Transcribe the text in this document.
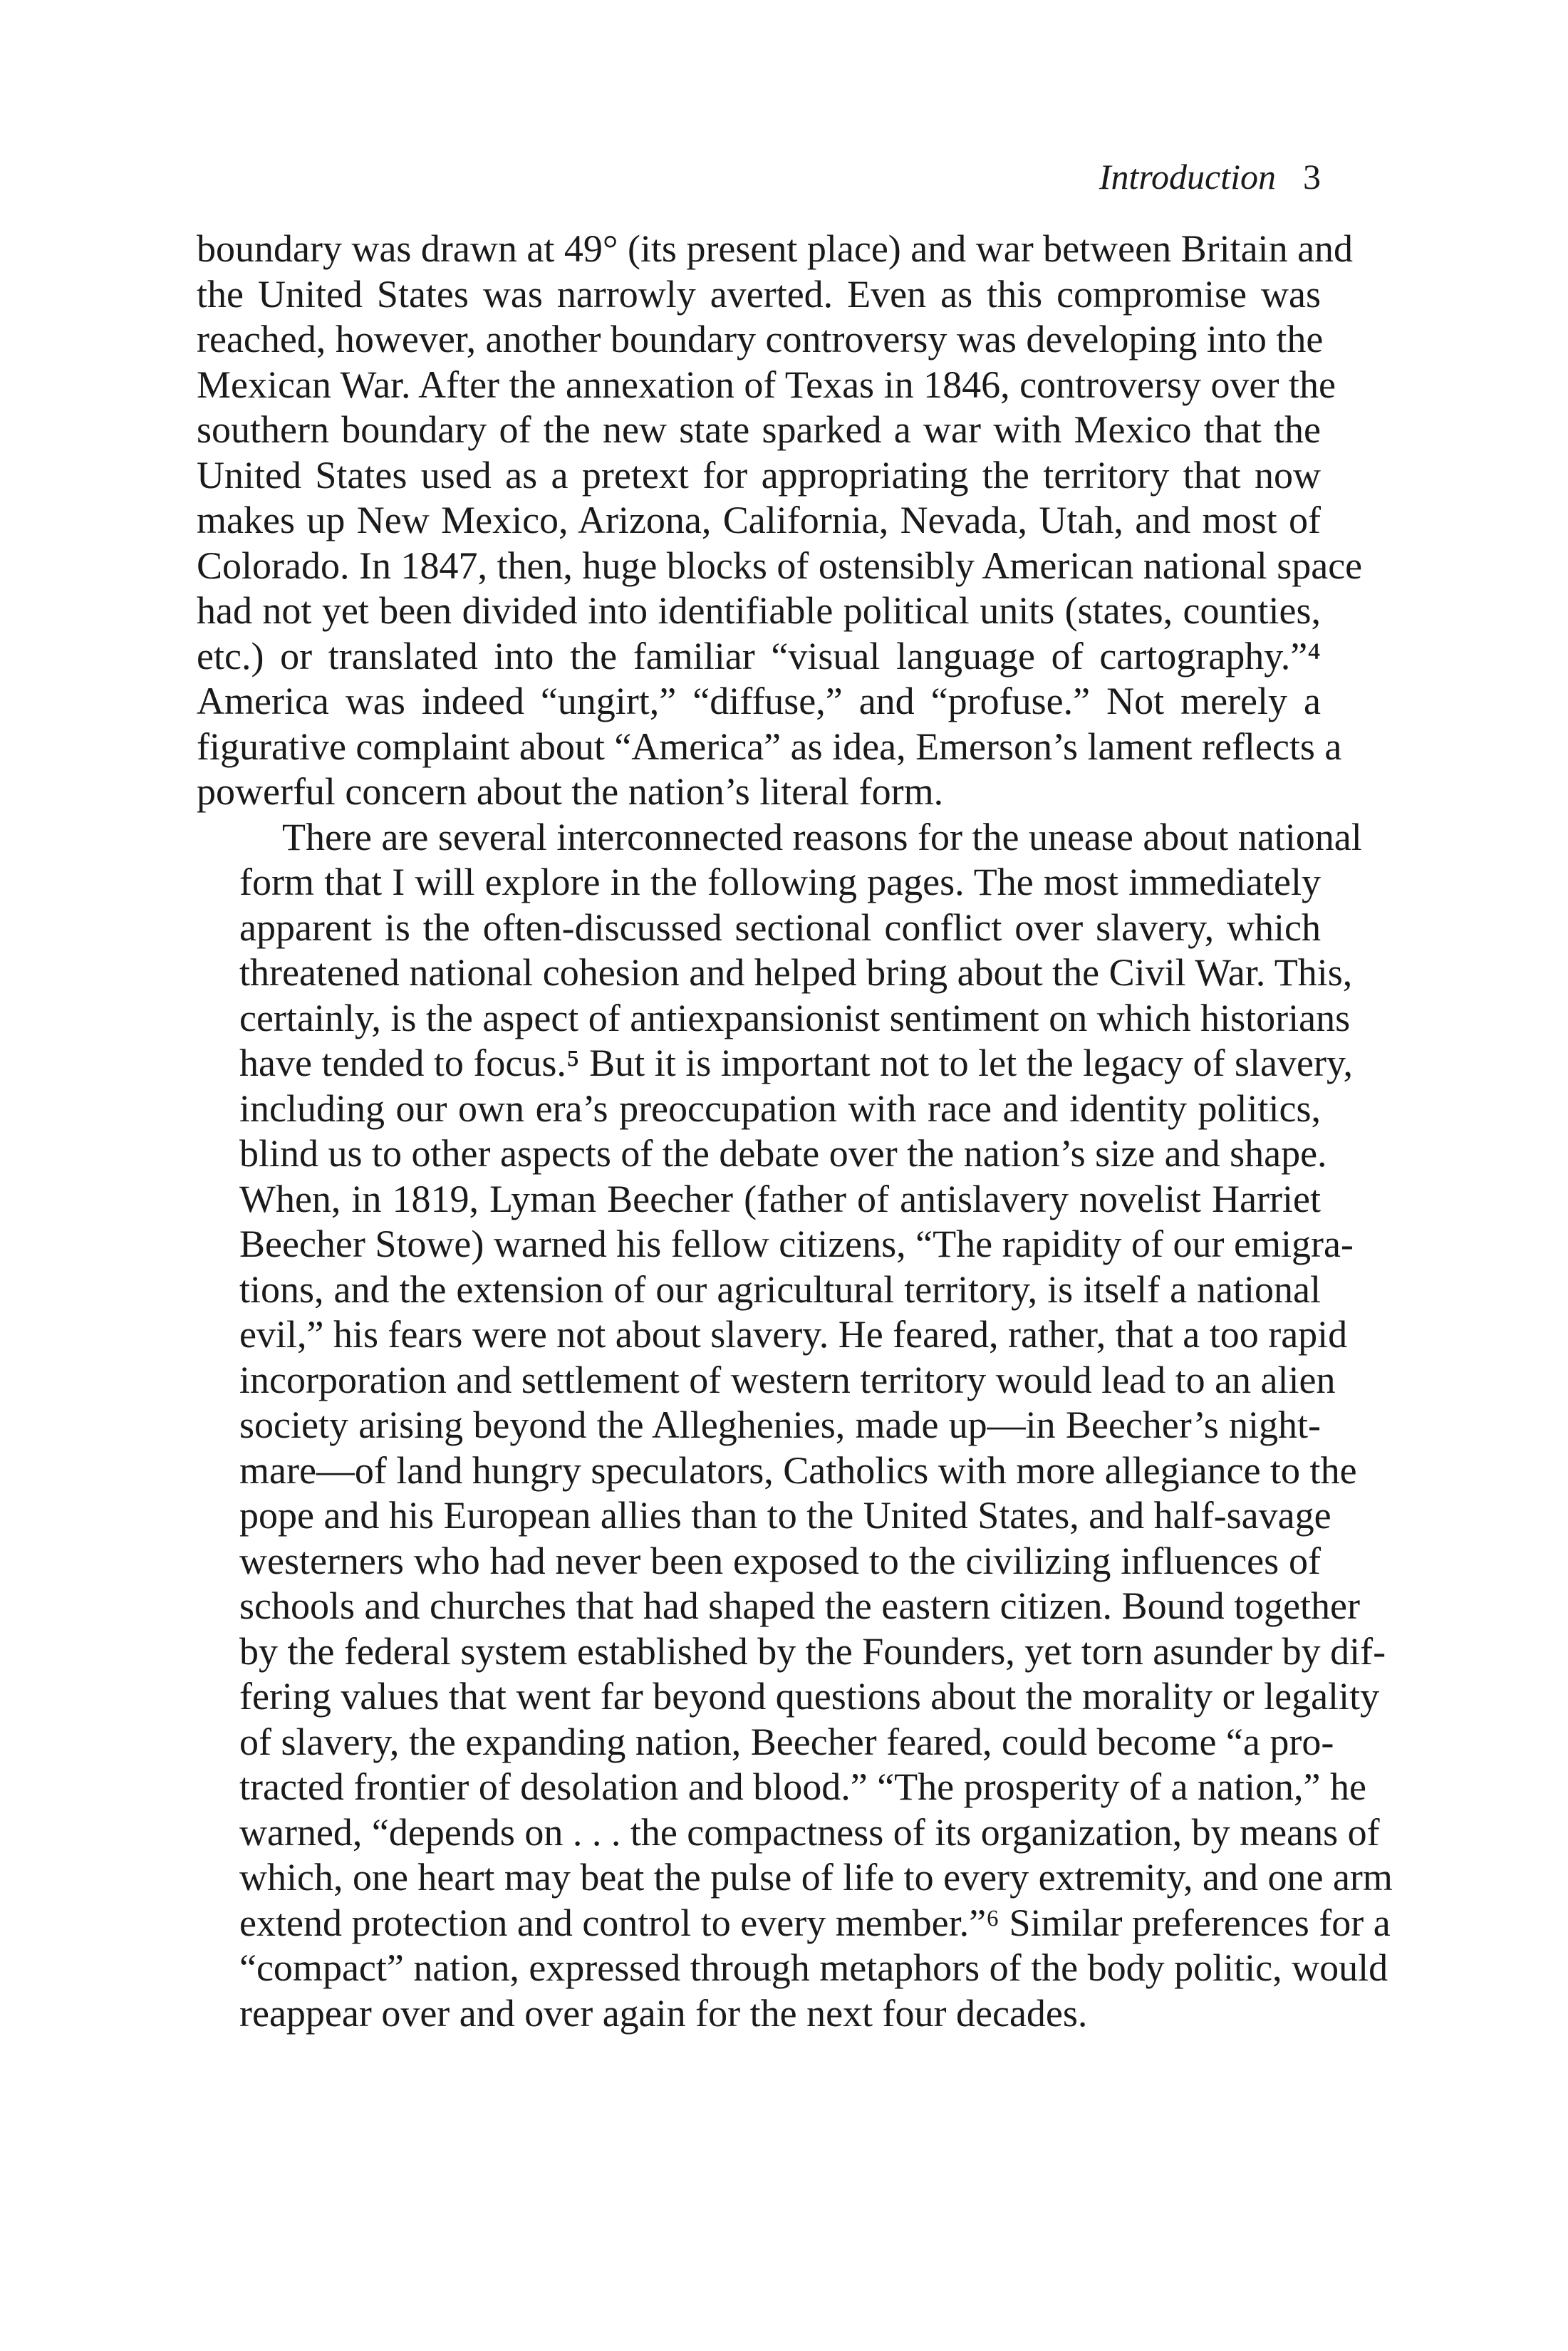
Introduction 3
boundary was drawn at 49° (its present place) and war between Britain and
the United States was narrowly averted. Even as this compromise was
reached, however, another boundary controversy was developing into the
Mexican War. After the annexation of Texas in 1846, controversy over the
southern boundary of the new state sparked a war with Mexico that the
United States used as a pretext for appropriating the territory that now
makes up New Mexico, Arizona, California, Nevada, Utah, and most of
Colorado. In 1847, then, huge blocks of ostensibly American national space
had not yet been divided into identifiable political units (states, counties,
etc.) or translated into the familiar “visual language of cartography.”⁴
America was indeed “ungirt,” “diffuse,” and “profuse.” Not merely a
figurative complaint about “America” as idea, Emerson’s lament reflects a
powerful concern about the nation’s literal form.
There are several interconnected reasons for the unease about national
form that I will explore in the following pages. The most immediately
apparent is the often-discussed sectional conflict over slavery, which
threatened national cohesion and helped bring about the Civil War. This,
certainly, is the aspect of antiexpansionist sentiment on which historians
have tended to focus.⁵ But it is important not to let the legacy of slavery,
including our own era’s preoccupation with race and identity politics,
blind us to other aspects of the debate over the nation’s size and shape.
When, in 1819, Lyman Beecher (father of antislavery novelist Harriet
Beecher Stowe) warned his fellow citizens, “The rapidity of our emigra-
tions, and the extension of our agricultural territory, is itself a national
evil,” his fears were not about slavery. He feared, rather, that a too rapid
incorporation and settlement of western territory would lead to an alien
society arising beyond the Alleghenies, made up—in Beecher’s night-
mare—of land hungry speculators, Catholics with more allegiance to the
pope and his European allies than to the United States, and half-savage
westerners who had never been exposed to the civilizing influences of
schools and churches that had shaped the eastern citizen. Bound together
by the federal system established by the Founders, yet torn asunder by dif-
fering values that went far beyond questions about the morality or legality
of slavery, the expanding nation, Beecher feared, could become “a pro-
tracted frontier of desolation and blood.” “The prosperity of a nation,” he
warned, “depends on . . . the compactness of its organization, by means of
which, one heart may beat the pulse of life to every extremity, and one arm
extend protection and control to every member.”⁶ Similar preferences for a
“compact” nation, expressed through metaphors of the body politic, would
reappear over and over again for the next four decades.
